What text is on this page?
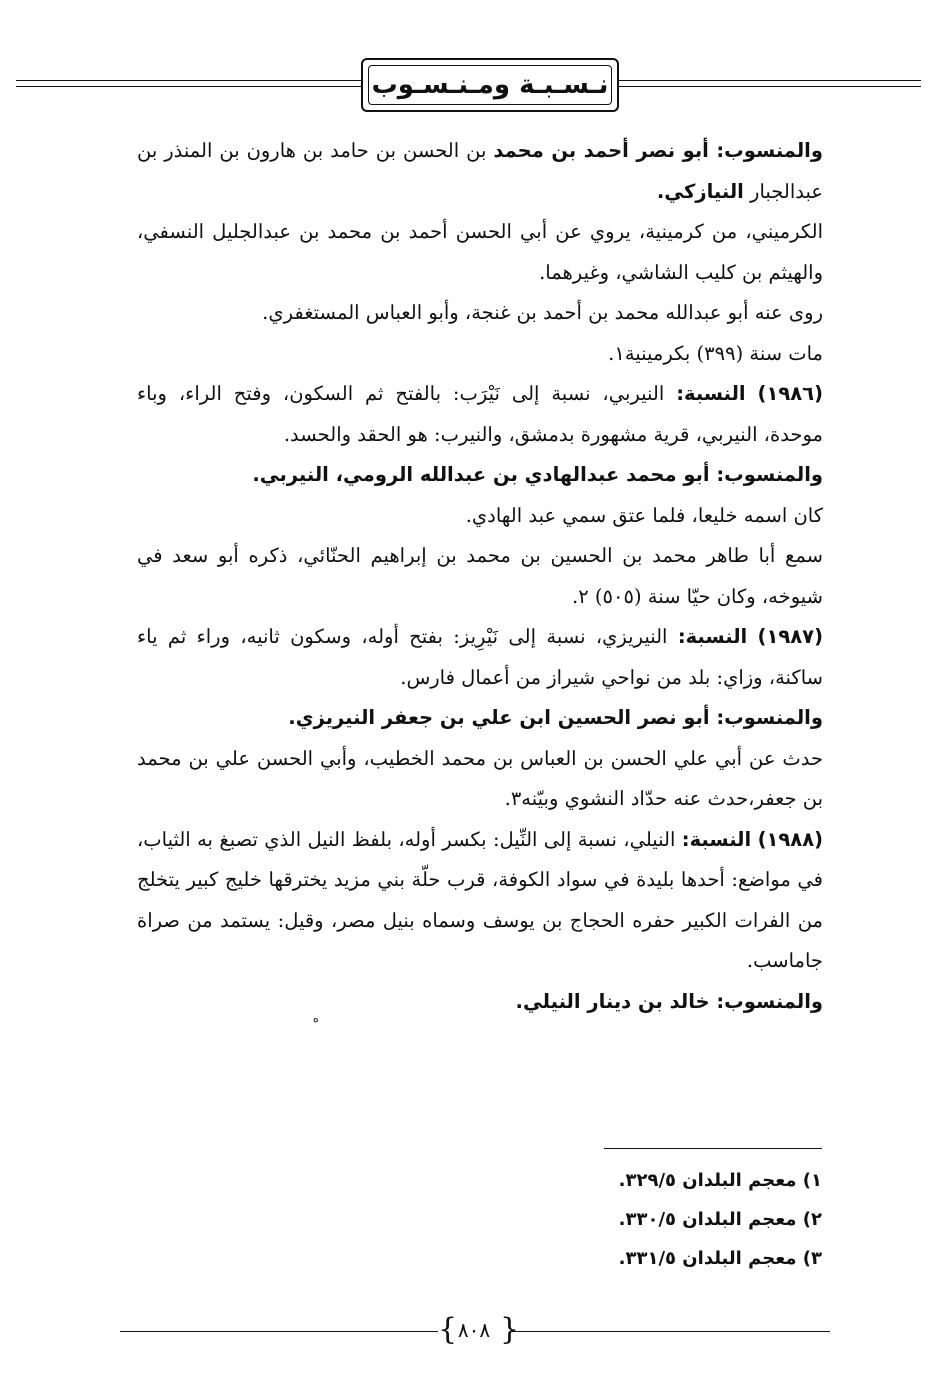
نـسـبـة ومـنـسـوب

والمنسوب: أبو نصر أحمد بن محمد بن الحسن بن حامد بن هارون بن المنذر بن عبدالجبار النيازكي.

الكرميني، من كرمينية، يروي عن أبي الحسن أحمد بن محمد بن عبدالجليل النسفي، والهيثم بن كليب الشاشي، وغيرهما.

روى عنه أبو عبدالله محمد بن أحمد بن غنجة، وأبو العباس المستغفري.

مات سنة (٣٩٩) بكرمينية١.

(١٩٨٦) النسبة: النيربي، نسبة إلى نَيْرَب: بالفتح ثم السكون، وفتح الراء، وباء موحدة، النيربي، قرية مشهورة بدمشق، والنيرب: هو الحقد والحسد.

والمنسوب: أبو محمد عبدالهادي بن عبدالله الرومي، النيربي.

كان اسمه خليعا، فلما عتق سمي عبد الهادي.

سمع أبا طاهر محمد بن الحسين بن محمد بن إبراهيم الحنّائي، ذكره أبو سعد في شيوخه، وكان حيّا سنة (٥٠٥) ٢.

(١٩٨٧) النسبة: النيريزي، نسبة إلى نَيْرِيز: بفتح أوله، وسكون ثانيه، وراء ثم ياء ساكنة، وزاي: بلد من نواحي شيراز من أعمال فارس.

والمنسوب: أبو نصر الحسين ابن علي بن جعفر النيريزي.

حدث عن أبي علي الحسن بن العباس بن محمد الخطيب، وأبي الحسن علي بن محمد بن جعفر،حدث عنه حدّاد النشوي وبيّنه٣.

(١٩٨٨) النسبة: النيلي، نسبة إلى النِّيل: بكسر أوله، بلفظ النيل الذي تصبغ به الثياب، في مواضع: أحدها بليدة في سواد الكوفة، قرب حلّة بني مزيد يخترقها خليج كبير يتخلج من الفرات الكبير حفره الحجاج بن يوسف وسماه بنيل مصر، وقيل: يستمد من صراة جاماسب.

والمنسوب: خالد بن دينار النيلي.

ه
١) معجم البلدان ٣٢٩/٥.
٢) معجم البلدان ٣٣٠/٥.
٣) معجم البلدان ٣٣١/٥.
{ }
٨٠٨
